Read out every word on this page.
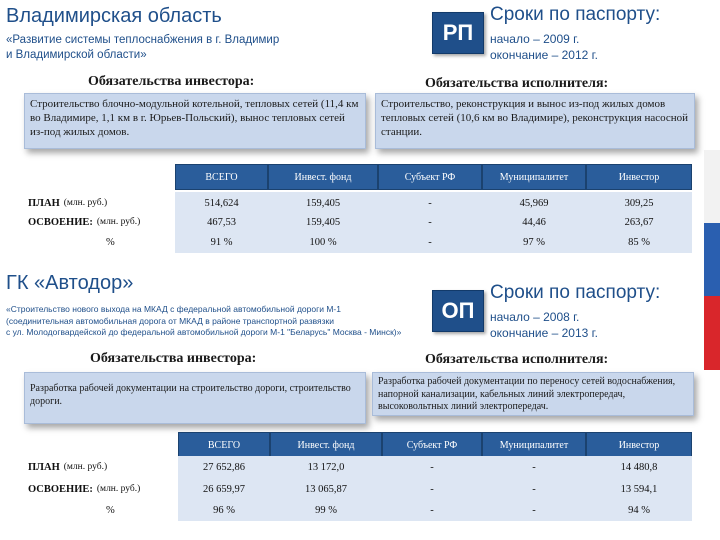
Владимирская область
«Развитие системы теплоснабжения в г. Владимир
и Владимирской области»
РП
Сроки по паспорту:
начало – 2009 г.
окончание – 2012 г.
Обязательства инвестора:	Обязательства исполнителя:
Строительство блочно-модульной котельной, тепловых сетей (11,4 км во Владимире, 1,1 км в г. Юрьев-Польский), вынос тепловых сетей из-под жилых домов.
Строительство, реконструкция и вынос из-под жилых домов тепловых сетей (10,6 км во Владимире), реконструкция насосной станции.
ВСЕГО	Инвест. фонд	Субъект РФ	Муниципалитет	Инвестор
ПЛАН (млн. руб.)	514,624	159,405	-	45,969	309,25
ОСВОЕНИЕ: (млн. руб.)	467,53	159,405	-	44,46	263,67
%	91 %	100 %	-	97 %	85 %
ГК «Автодор»
«Строительство нового выхода на МКАД с федеральной автомобильной дороги М-1
(соединительная автомобильная дорога от МКАД в районе транспортной развязки
с ул. Молодогвардейской до федеральной автомобильной дороги М-1 "Беларусь" Москва - Минск)»
ОП
Сроки по паспорту:
начало – 2008 г.
окончание – 2013 г.
Обязательства инвестора:	Обязательства исполнителя:
Разработка рабочей документации на строительство дороги, строительство дороги.
Разработка рабочей документации по переносу сетей водоснабжения, напорной канализации, кабельных линий электропередач, высоковольтных линий электропередач.
ВСЕГО	Инвест. фонд	Субъект РФ	Муниципалитет	Инвестор
ПЛАН (млн. руб.)	27 652,86	13 172,0	-	-	14 480,8
ОСВОЕНИЕ: (млн. руб.)	26 659,97	13 065,87	-	-	13 594,1
%	96 %	99 %	-	-	94 %
